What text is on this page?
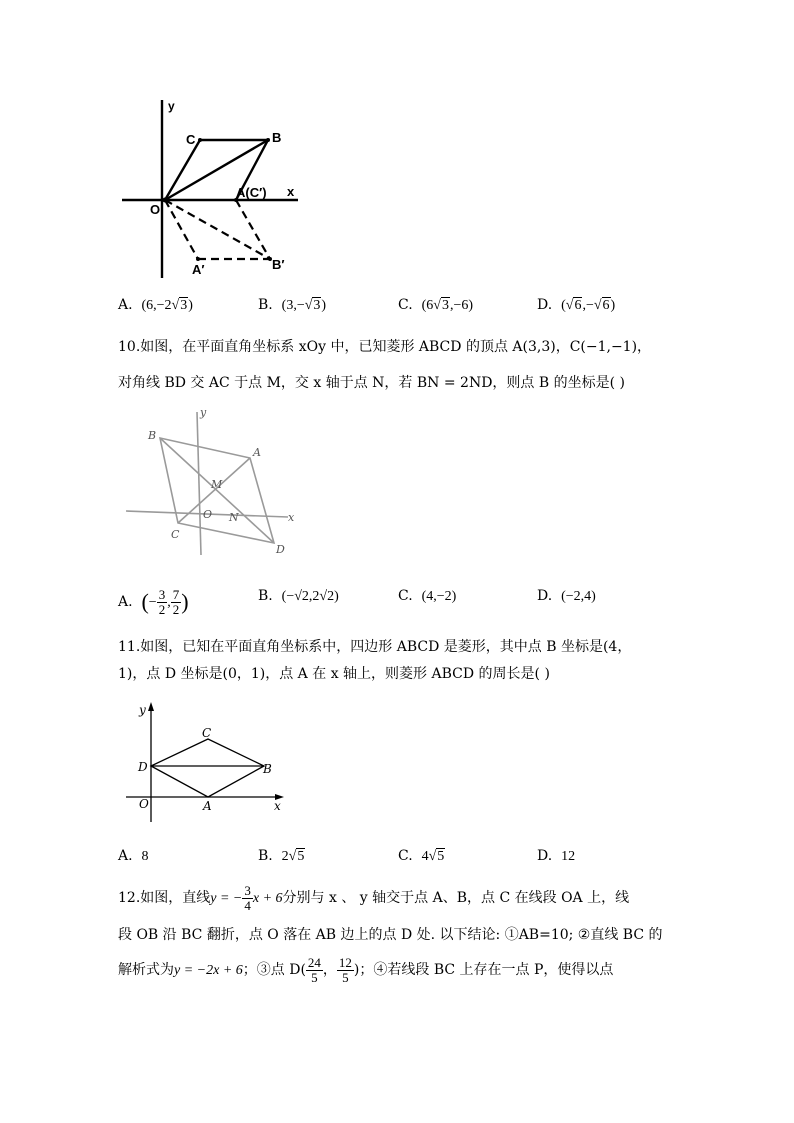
y
x
O
C	B
A(C′)
A′	B′
A. (6,−2√3)	B. (3,−√3)	C. (6√3,−6)	D. (√6,−√6)
10.如图，在平面直角坐标系 xOy 中，已知菱形 ABCD 的顶点 A(3,3)，C(−1,−1)，
对角线 BD 交 AC 于点 M，交 x 轴于点 N，若 BN = 2ND，则点 B 的坐标是( )
y
x
B
A
M
O N
C
D
A. (− $\frac{3}{2}$ , $\frac{7}{2}$ )	B. (−√2,2√2)	C. (4,−2)	D. (−2,4)
11.如图，已知在平面直角坐标系中，四边形 ABCD 是菱形，其中点 B 坐标是(4，
1)，点 D 坐标是(0，1)，点 A 在 x 轴上，则菱形 ABCD 的周长是( )
y
x
C
D	B
O	A
A. 8	B. 2√5	C. 4√5	D. 12
12.如图，直线y = − $\frac{3}{4}$ x + 6分别与 x 、 y 轴交于点 A、B，点 C 在线段 OA 上，线
段 OB 沿 BC 翻折，点 O 落在 AB 边上的点 D 处. 以下结论: ①AB=10; ②直线 BC 的
解析式为y = −2x + 6；③点 $D( \frac{24}{5}$ ， $\frac{12}{5}$ )；④若线段 BC 上存在一点 P，使得以点
